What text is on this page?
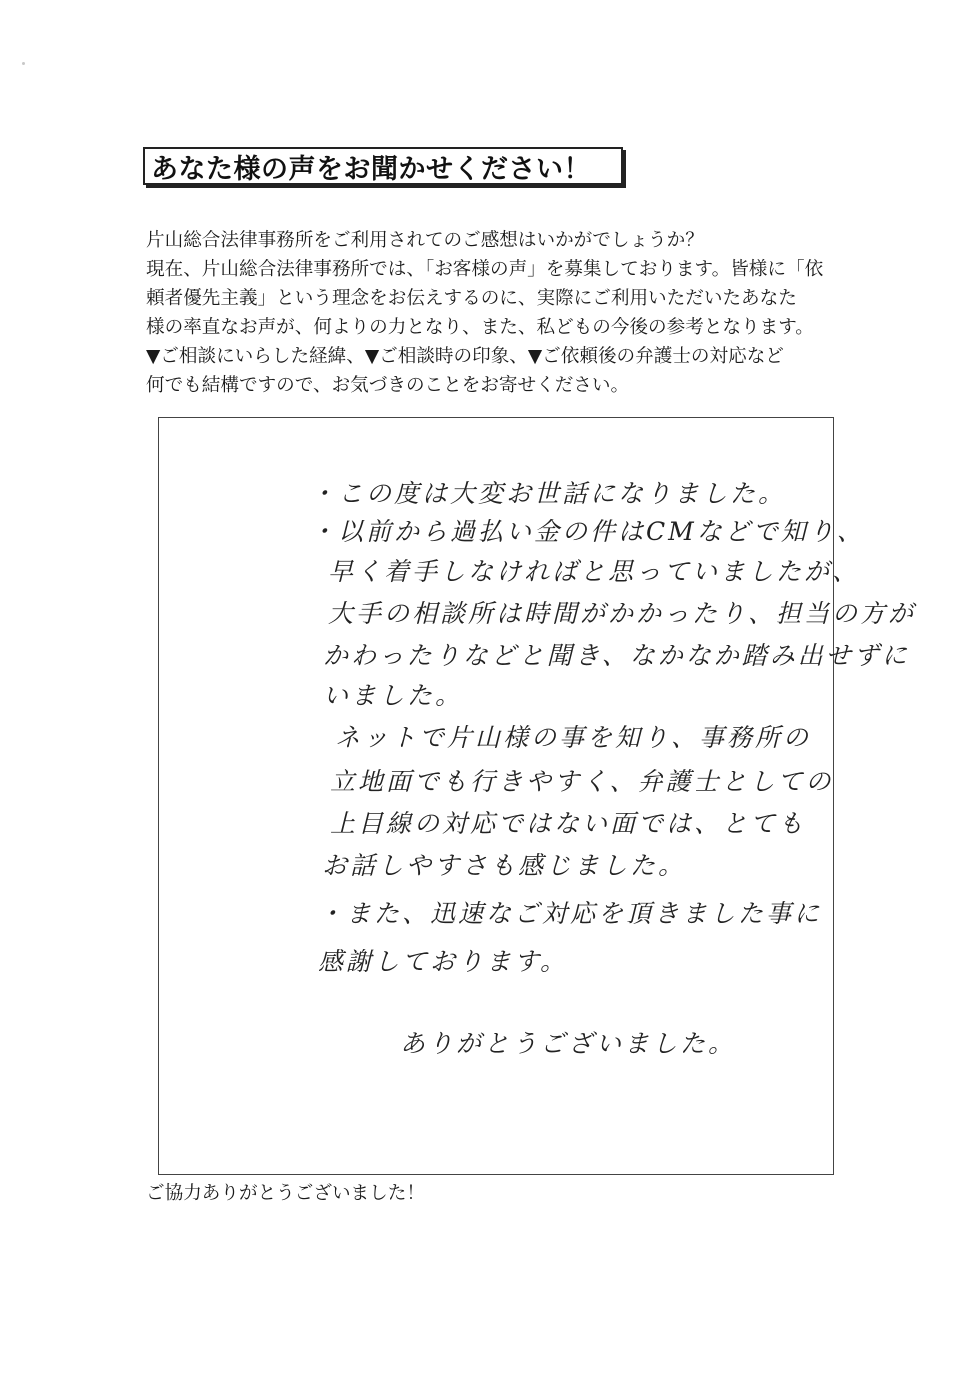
あなた様の声をお聞かせください！
片山総合法律事務所をご利用されてのご感想はいかがでしょうか？
現在、片山総合法律事務所では、「お客様の声」を募集しております。皆様に「依
頼者優先主義」という理念をお伝えするのに、実際にご利用いただいたあなた
様の率直なお声が、何よりの力となり、また、私どもの今後の参考となります。
▼ご相談にいらした経緯、▼ご相談時の印象、▼ご依頼後の弁護士の対応など
何でも結構ですので、お気づきのことをお寄せください。
・この度は大変お世話になりました。
・以前から過払い金の件はCMなどで知り、
早く着手しなければと思っていましたが、
大手の相談所は時間がかかったり、担当の方が
かわったりなどと聞き、なかなか踏み出せずに
いました。
ネットで片山様の事を知り、事務所の
立地面でも行きやすく、弁護士としての
上目線の対応ではない面では、とても
お話しやすさも感じました。
・また、迅速なご対応を頂きました事に
感謝しております。
ありがとうございました。
ご協力ありがとうございました！
